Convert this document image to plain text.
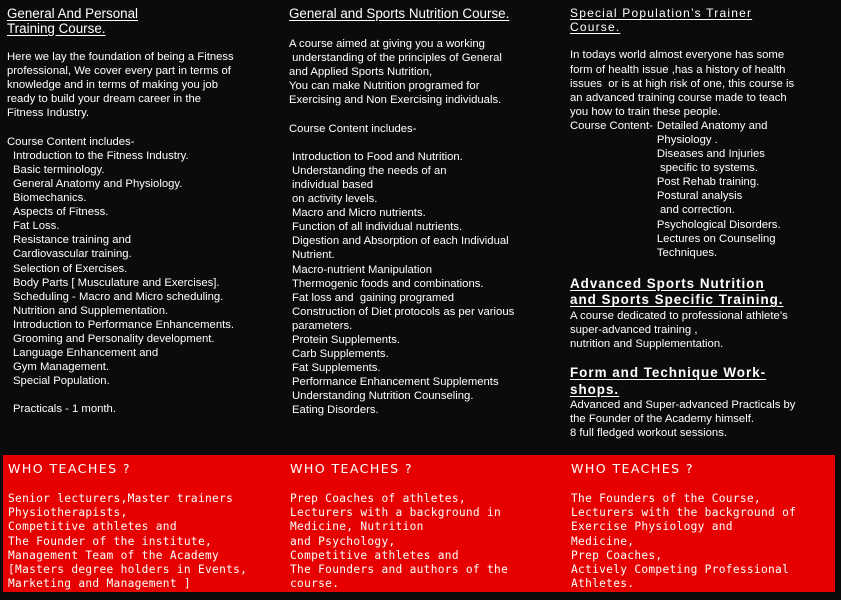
General And Personal
Training Course.
Here we lay the foundation of being a Fitness
professional, We cover every part in terms of
knowledge and in terms of making you job
ready to build your dream career in the
Fitness Industry.
Course Content includes-
Introduction to the Fitness Industry.
Basic terminology.
General Anatomy and Physiology.
Biomechanics.
Aspects of Fitness.
Fat Loss.
Resistance training and
Cardiovascular training.
Selection of Exercises.
Body Parts [ Musculature and Exercises].
Scheduling - Macro and Micro scheduling.
Nutrition and Supplementation.
Introduction to Performance Enhancements.
Grooming and Personality development.
Language Enhancement and
Gym Management.
Special Population.
Practicals - 1 month.
General and Sports Nutrition Course.
A course aimed at giving you a working
understanding of the principles of General
and Applied Sports Nutrition,
You can make Nutrition programed for
Exercising and Non Exercising individuals.
Course Content includes-
Introduction to Food and Nutrition.
Understanding the needs of an
individual based
on activity levels.
Macro and Micro nutrients.
Function of all individual nutrients.
Digestion and Absorption of each Individual
Nutrient.
Macro-nutrient Manipulation
Thermogenic foods and combinations.
Fat loss and  gaining programed
Construction of Diet protocols as per various
parameters.
Protein Supplements.
Carb Supplements.
Fat Supplements.
Performance Enhancement Supplements
Understanding Nutrition Counseling.
Eating Disorders.
Special Population’s Trainer
Course.
In todays world almost everyone has some
form of health issue ,has a history of health
issues  or is at high risk of one, this course is
an advanced training course made to teach
you how to train these people.
Course Content- Detailed Anatomy and
Physiology .
Diseases and Injuries
specific to systems.
Post Rehab training.
Postural analysis
and correction.
Psychological Disorders.
Lectures on Counseling
Techniques.
Advanced Sports Nutrition
and Sports Specific Training.
A course dedicated to professional athlete’s
super-advanced training ,
nutrition and Supplementation.
Form and Technique Work-
shops.
Advanced and Super-advanced Practicals by
the Founder of the Academy himself.
8 full fledged workout sessions.
WHO TEACHES ?
Senior lecturers,Master trainers
Physiotherapists,
Competitive athletes and
The Founder of the institute,
Management Team of the Academy
[Masters degree holders in Events,
Marketing and Management ]
WHO TEACHES ?
Prep Coaches of athletes,
Lecturers with a background in
Medicine, Nutrition
and Psychology,
Competitive athletes and
The Founders and authors of the
course.
WHO TEACHES ?
The Founders of the Course,
Lecturers with the background of
Exercise Physiology and
Medicine,
Prep Coaches,
Actively Competing Professional
Athletes.
